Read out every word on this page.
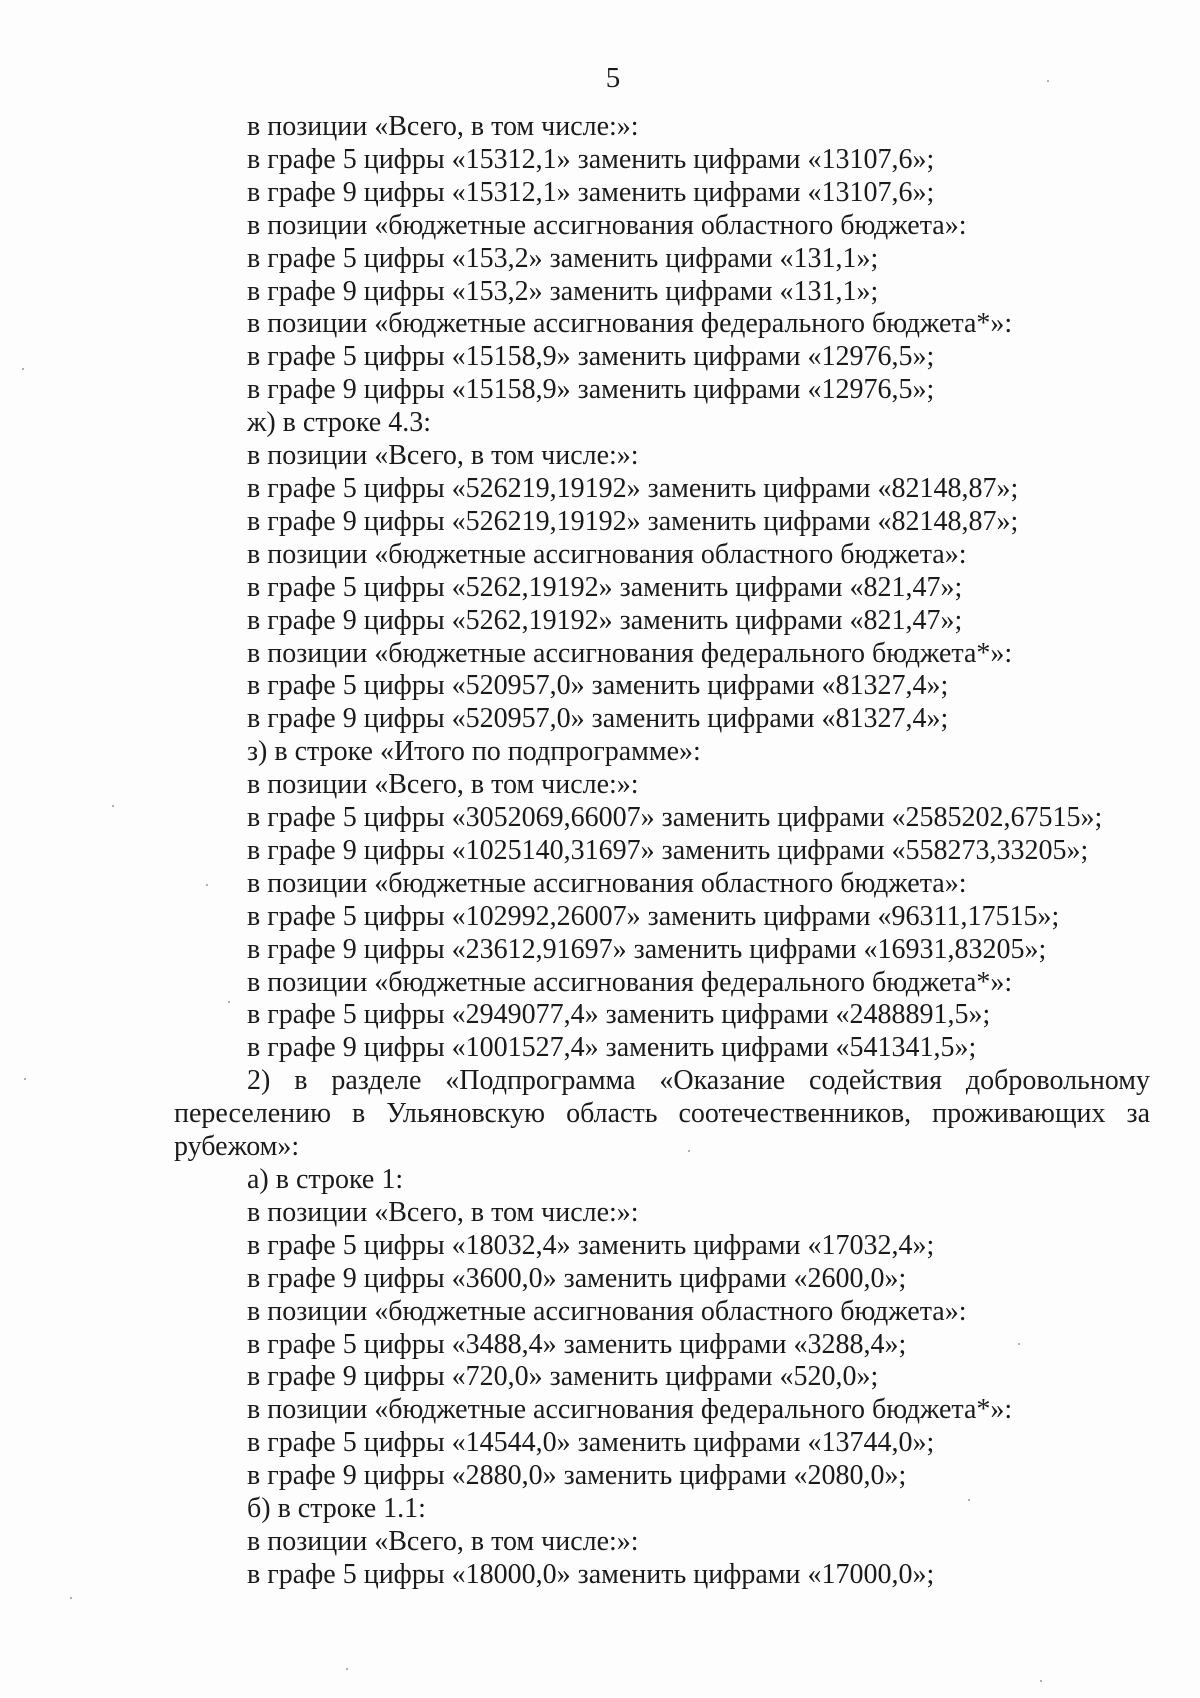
5

в позиции «Всего, в том числе:»:

в графе 5 цифры «15312,1» заменить цифрами «13107,6»;

в графе 9 цифры «15312,1» заменить цифрами «13107,6»;

в позиции «бюджетные ассигнования областного бюджета»:

в графе 5 цифры «153,2» заменить цифрами «131,1»;

в графе 9 цифры «153,2» заменить цифрами «131,1»;

в позиции «бюджетные ассигнования федерального бюджета*»:

в графе 5 цифры «15158,9» заменить цифрами «12976,5»;

в графе 9 цифры «15158,9» заменить цифрами «12976,5»;

ж) в строке 4.3:

в позиции «Всего, в том числе:»:

в графе 5 цифры «526219,19192» заменить цифрами «82148,87»;

в графе 9 цифры «526219,19192» заменить цифрами «82148,87»;

в позиции «бюджетные ассигнования областного бюджета»:

в графе 5 цифры «5262,19192» заменить цифрами «821,47»;

в графе 9 цифры «5262,19192» заменить цифрами «821,47»;

в позиции «бюджетные ассигнования федерального бюджета*»:

в графе 5 цифры «520957,0» заменить цифрами «81327,4»;

в графе 9 цифры «520957,0» заменить цифрами «81327,4»;

з) в строке «Итого по подпрограмме»:

в позиции «Всего, в том числе:»:

в графе 5 цифры «3052069,66007» заменить цифрами «2585202,67515»;

в графе 9 цифры «1025140,31697» заменить цифрами «558273,33205»;

в позиции «бюджетные ассигнования областного бюджета»:

в графе 5 цифры «102992,26007» заменить цифрами «96311,17515»;

в графе 9 цифры «23612,91697» заменить цифрами «16931,83205»;

в позиции «бюджетные ассигнования федерального бюджета*»:

в графе 5 цифры «2949077,4» заменить цифрами «2488891,5»;

в графе 9 цифры «1001527,4» заменить цифрами «541341,5»;

2) в разделе «Подпрограмма «Оказание содействия добровольному переселению в Ульяновскую область соотечественников, проживающих за рубежом»:

а) в строке 1:

в позиции «Всего, в том числе:»:

в графе 5 цифры «18032,4» заменить цифрами «17032,4»;

в графе 9 цифры «3600,0» заменить цифрами «2600,0»;

в позиции «бюджетные ассигнования областного бюджета»:

в графе 5 цифры «3488,4» заменить цифрами «3288,4»;

в графе 9 цифры «720,0» заменить цифрами «520,0»;

в позиции «бюджетные ассигнования федерального бюджета*»:

в графе 5 цифры «14544,0» заменить цифрами «13744,0»;

в графе 9 цифры «2880,0» заменить цифрами «2080,0»;

б) в строке 1.1:

в позиции «Всего, в том числе:»:

в графе 5 цифры «18000,0» заменить цифрами «17000,0»;
